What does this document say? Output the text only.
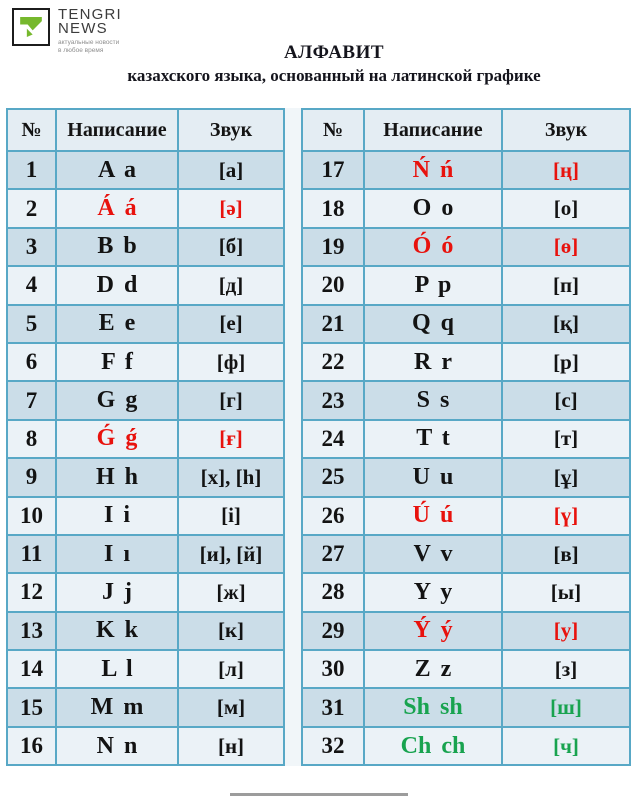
TENGRI
NEWS
актуальные новости
в любое время	АЛФАВИТ
казахского языка, основанный на латинской графике
№	Написание	Звук
1	A a	[а]
2	Á á	[ә]
3	B b	[б]
4	D d	[д]
5	E e	[е]
6	F f	[ф]
7	G g	[г]
8	Ǵ ǵ	[ғ]
9	H h	[х], [h]
10	I i	[i]
11	I ı	[и], [й]
12	J j	[ж]
13	K k	[к]
14	L l	[л]
15	M m	[м]
16	N n	[н]
№	Написание	Звук
17	Ń ń	[ң]
18	O o	[о]
19	Ó ó	[ө]
20	P p	[п]
21	Q q	[қ]
22	R r	[р]
23	S s	[с]
24	T t	[т]
25	U u	[ұ]
26	Ú ú	[ү]
27	V v	[в]
28	Y y	[ы]
29	Ý ý	[у]
30	Z z	[з]
31	Sh sh	[ш]
32	Ch ch	[ч]
